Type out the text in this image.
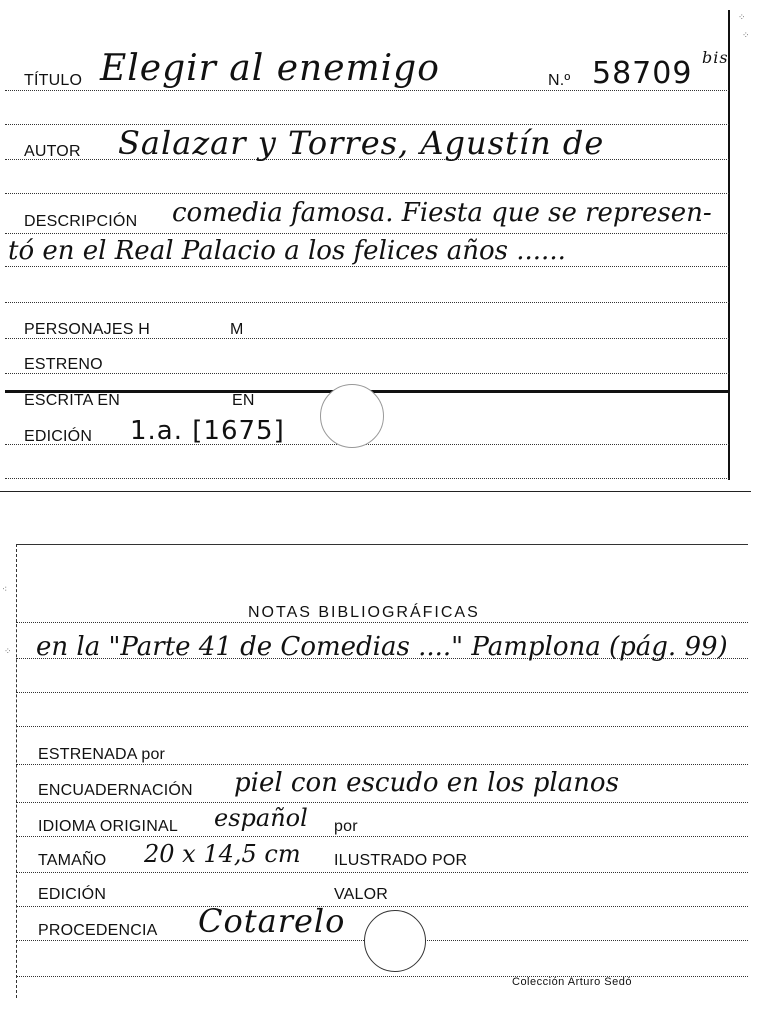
TÍTULO Elegir al enemigo	N.º 58709 bis
AUTOR Salazar y Torres, Agustín de
DESCRIPCIÓN comedia famosa. Fiesta que se represen-
tó en el Real Palacio a los felices años ......
PERSONAJES H	M
ESTRENO
ESCRITA EN	EN
EDICIÓN 1.a. [1675]
⁘
⁘
NOTAS BIBLIOGRÁFICAS
en la "Parte 41 de Comedias ...." Pamplona (pág. 99)
ESTRENADA por
ENCUADERNACIÓN piel con escudo en los planos
IDIOMA ORIGINAL español por
TAMAÑO 20 x 14,5 cm ILUSTRADO POR
EDICIÓN	VALOR
PROCEDENCIA Cotarelo
Colección Arturo Sedó
⁖
⁘
